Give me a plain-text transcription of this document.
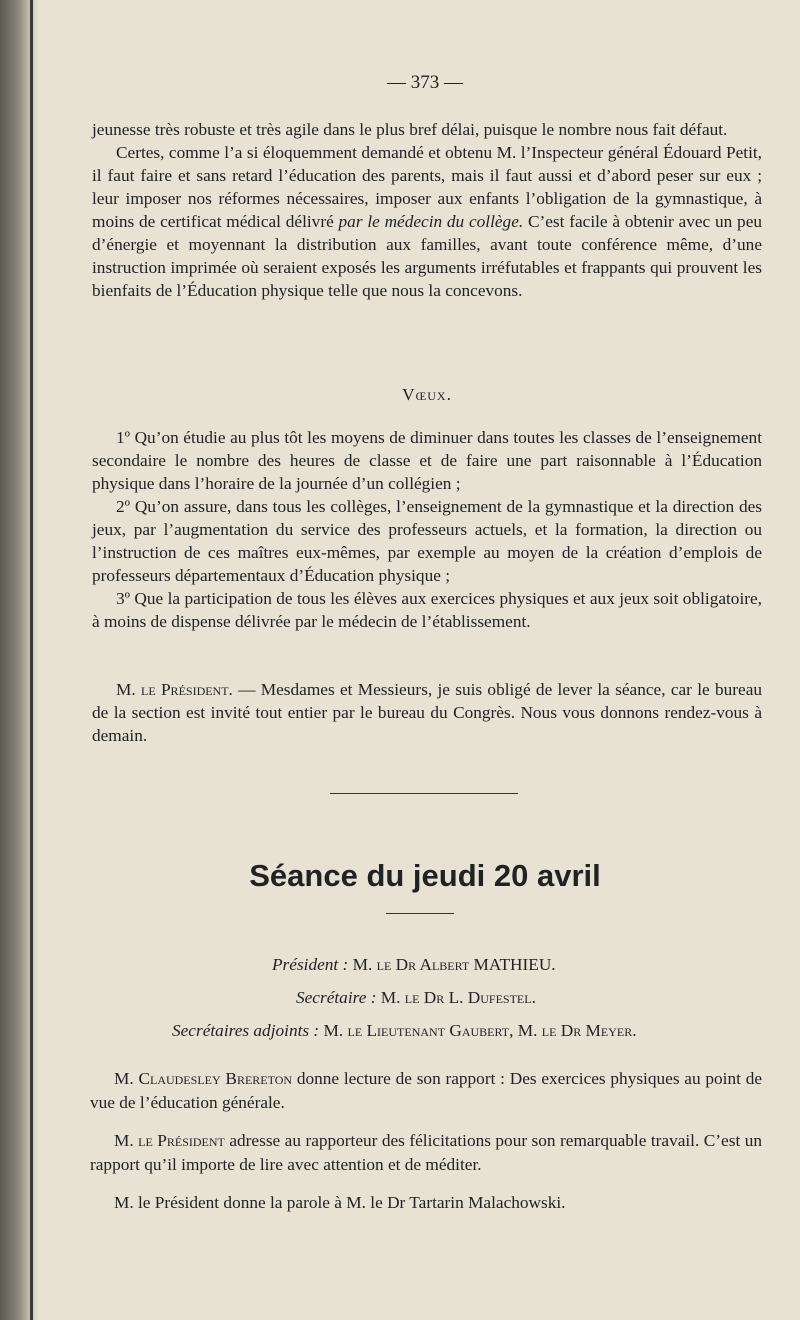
— 373 —

jeunesse très robuste et très agile dans le plus bref délai, puisque le nombre nous fait défaut.

Certes, comme l’a si éloquemment demandé et obtenu M. l’Inspecteur général Édouard Petit, il faut faire et sans retard l’éducation des parents, mais il faut aussi et d’abord peser sur eux ; leur imposer nos réformes nécessaires, imposer aux enfants l’obligation de la gymnastique, à moins de certificat médical délivré par le médecin du collège. C’est facile à obtenir avec un peu d’énergie et moyennant la distribution aux familles, avant toute conférence même, d’une instruction imprimée où seraient exposés les arguments irréfutables et frappants qui prouvent les bienfaits de l’Éducation physique telle que nous la concevons.

Vœux.

1º Qu’on étudie au plus tôt les moyens de diminuer dans toutes les classes de l’enseignement secondaire le nombre des heures de classe et de faire une part raisonnable à l’Éducation physique dans l’horaire de la journée d’un collégien ;

2º Qu’on assure, dans tous les collèges, l’enseignement de la gymnastique et la direction des jeux, par l’augmentation du service des professeurs actuels, et la formation, la direction ou l’instruction de ces maîtres eux-mêmes, par exemple au moyen de la création d’emplois de professeurs départementaux d’Éducation physique ;

3º Que la participation de tous les élèves aux exercices physiques et aux jeux soit obligatoire, à moins de dispense délivrée par le médecin de l’établissement.

M. le Président. — Mesdames et Messieurs, je suis obligé de lever la séance, car le bureau de la section est invité tout entier par le bureau du Congrès. Nous vous donnons rendez-vous à demain.

Séance du jeudi 20 avril
Président : M. le Dr Albert MATHIEU.
Secrétaire : M. le Dr L. Dufestel.
Secrétaires adjoints : M. le Lieutenant Gaubert, M. le Dr Meyer.

M. Claudesley Brereton donne lecture de son rapport : Des exercices physiques au point de vue de l’éducation générale.

M. le Président adresse au rapporteur des félicitations pour son remarquable travail. C’est un rapport qu’il importe de lire avec attention et de méditer.

M. le Président donne la parole à M. le Dr Tartarin Malachowski.
